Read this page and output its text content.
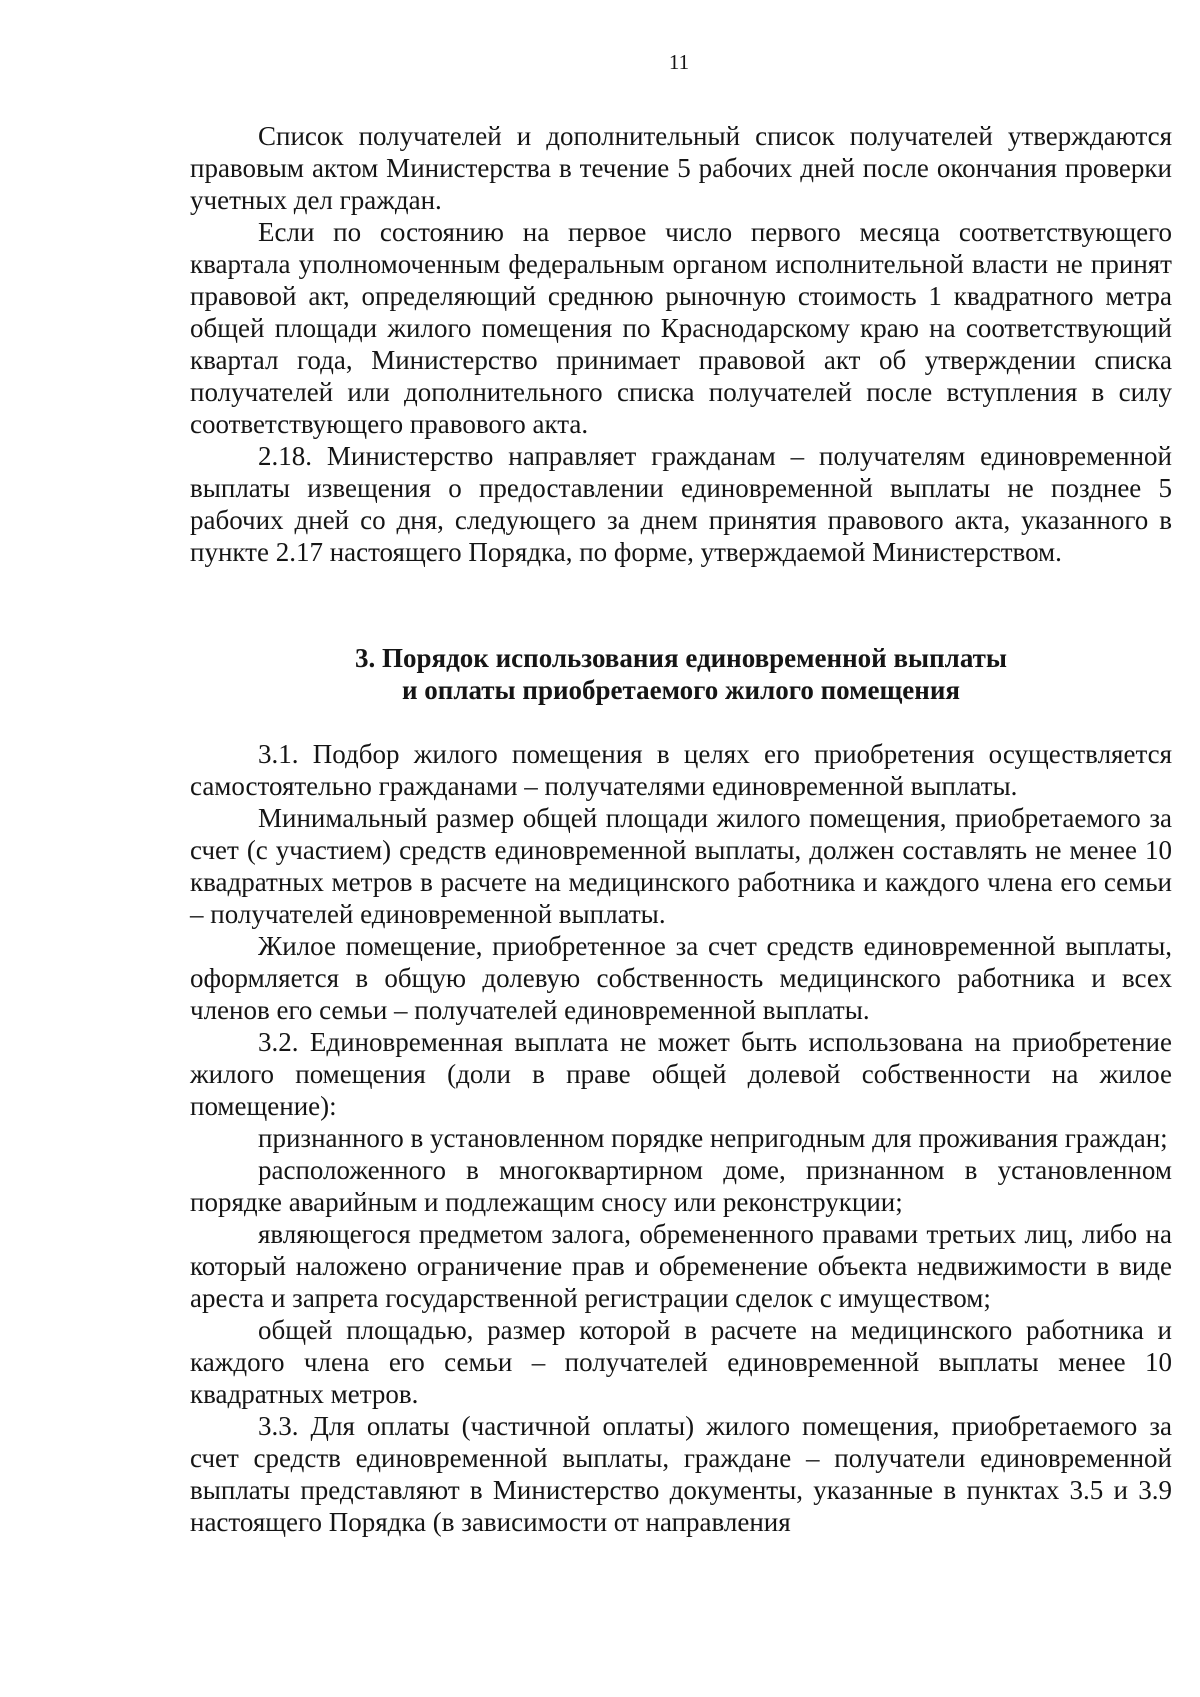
11

Список получателей и дополнительный список получателей утверждаются правовым актом Министерства в течение 5 рабочих дней после окончания проверки учетных дел граждан.

Если по состоянию на первое число первого месяца соответствующего квартала уполномоченным федеральным органом исполнительной власти не принят правовой акт, определяющий среднюю рыночную стоимость 1 квадратного метра общей площади жилого помещения по Краснодарскому краю на соответствующий квартал года, Министерство принимает правовой акт об утверждении списка получателей или дополнительного списка получателей после вступления в силу соответствующего правового акта.

2.18. Министерство направляет гражданам – получателям единовременной выплаты извещения о предоставлении единовременной выплаты не позднее 5 рабочих дней со дня, следующего за днем принятия правового акта, указанного в пункте 2.17 настоящего Порядка, по форме, утверждаемой Министерством.

3. Порядок использования единовременной выплаты
и оплаты приобретаемого жилого помещения

3.1. Подбор жилого помещения в целях его приобретения осуществляется самостоятельно гражданами – получателями единовременной выплаты.

Минимальный размер общей площади жилого помещения, приобретаемого за счет (с участием) средств единовременной выплаты, должен составлять не менее 10 квадратных метров в расчете на медицинского работника и каждого члена его семьи – получателей единовременной выплаты.

Жилое помещение, приобретенное за счет средств единовременной выплаты, оформляется в общую долевую собственность медицинского работника и всех членов его семьи – получателей единовременной выплаты.

3.2. Единовременная выплата не может быть использована на приобретение жилого помещения (доли в праве общей долевой собственности на жилое помещение):

признанного в установленном порядке непригодным для проживания граждан;

расположенного в многоквартирном доме, признанном в установленном порядке аварийным и подлежащим сносу или реконструкции;

являющегося предметом залога, обремененного правами третьих лиц, либо на который наложено ограничение прав и обременение объекта недвижимости в виде ареста и запрета государственной регистрации сделок с имуществом;

общей площадью, размер которой в расчете на медицинского работника и каждого члена его семьи – получателей единовременной выплаты менее 10 квадратных метров.

3.3. Для оплаты (частичной оплаты) жилого помещения, приобретаемого за счет средств единовременной выплаты, граждане – получатели единовременной выплаты представляют в Министерство документы, указанные в пунктах 3.5 и 3.9 настоящего Порядка (в зависимости от направления
